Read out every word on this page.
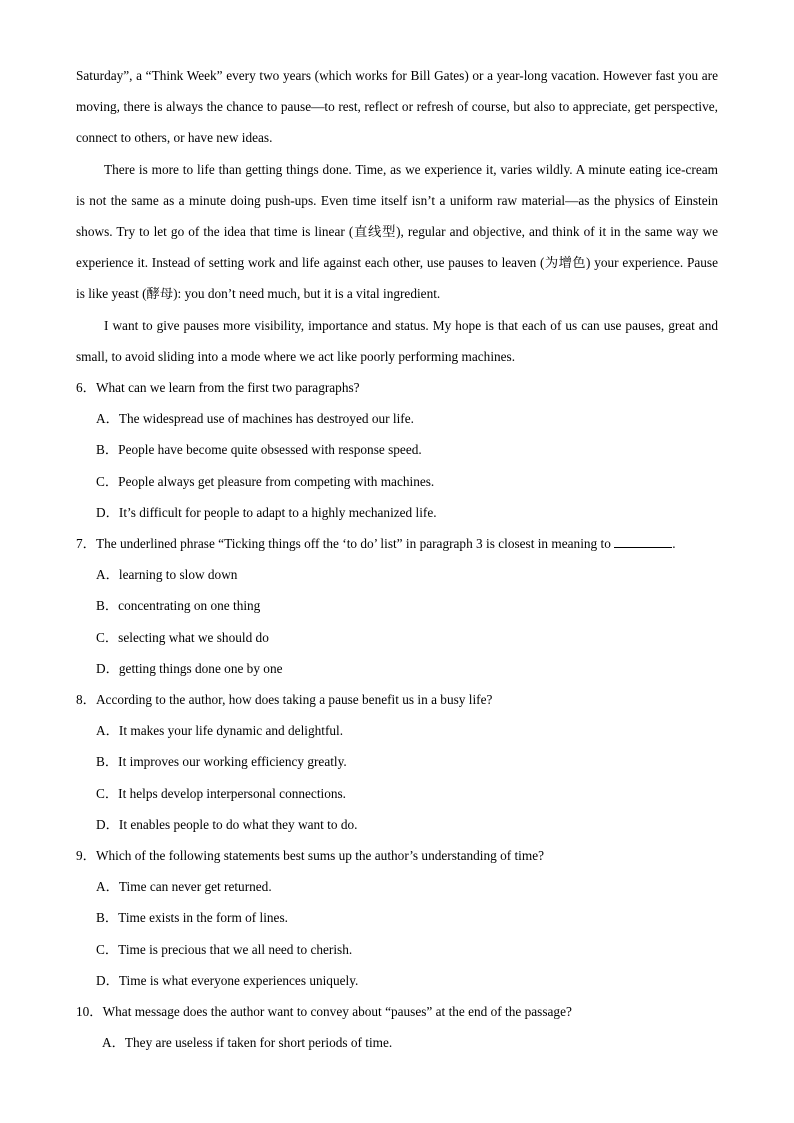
Saturday”, a “Think Week” every two years (which works for Bill Gates) or a year-long vacation. However fast you are moving, there is always the chance to pause—to rest, reflect or refresh of course, but also to appreciate, get perspective, connect to others, or have new ideas.

There is more to life than getting things done. Time, as we experience it, varies wildly. A minute eating ice-cream is not the same as a minute doing push-ups. Even time itself isn’t a uniform raw material—as the physics of Einstein shows. Try to let go of the idea that time is linear (直线型), regular and objective, and think of it in the same way we experience it. Instead of setting work and life against each other, use pauses to leaven (为增色) your experience. Pause is like yeast (酵母): you don’t need much, but it is a vital ingredient.

I want to give pauses more visibility, importance and status. My hope is that each of us can use pauses, great and small, to avoid sliding into a mode where we act like poorly performing machines.

6．What can we learn from the first two paragraphs?

A．The widespread use of machines has destroyed our life.

B．People have become quite obsessed with response speed.

C．People always get pleasure from competing with machines.

D．It’s difficult for people to adapt to a highly mechanized life.

7．The underlined phrase “Ticking things off the ‘to do’ list” in paragraph 3 is closest in meaning to	.

A．learning to slow down

B．concentrating on one thing

C．selecting what we should do

D．getting things done one by one

8．According to the author, how does taking a pause benefit us in a busy life?

A．It makes your life dynamic and delightful.

B．It improves our working efficiency greatly.

C．It helps develop interpersonal connections.

D．It enables people to do what they want to do.

9．Which of the following statements best sums up the author’s understanding of time?

A．Time can never get returned.

B．Time exists in the form of lines.

C．Time is precious that we all need to cherish.

D．Time is what everyone experiences uniquely.

10．What message does the author want to convey about “pauses” at the end of the passage?

A．They are useless if taken for short periods of time.
